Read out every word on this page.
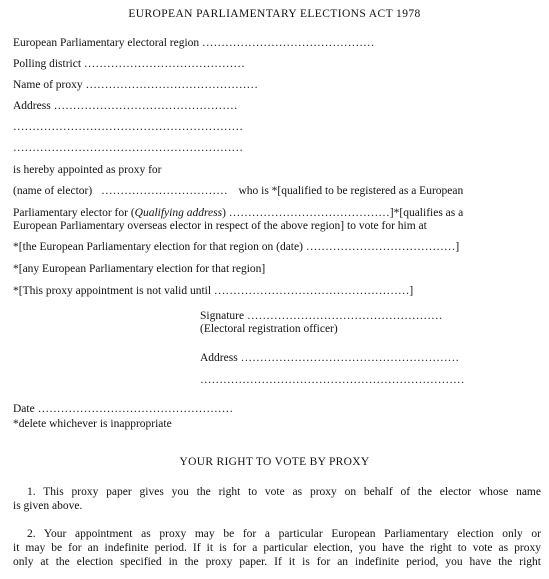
EUROPEAN PARLIAMENTARY ELECTIONS ACT 1978
European Parliamentary electoral region ………………………………………
Polling district ……………………………………
Name of proxy ………………………………………
Address …………………………………………
……………………………………………………
……………………………………………………
is hereby appointed as proxy for
(name of elector) …………………………… who is *[qualified to be registered as a European
Parliamentary elector for (Qualifying address) ……………………………………]*[qualifies as a
European Parliamentary overseas elector in respect of the above region] to vote for him at
*[the European Parliamentary election for that region on (date) …………………………………]
*[any European Parliamentary election for that region]
*[This proxy appointment is not valid until ……………………………………………]
Signature ……………………………………………
(Electoral registration officer)
Address …………………………………………………
……………………………………………………………
Date ……………………………………………
*delete whichever is inappropriate
YOUR RIGHT TO VOTE BY PROXY
1. This proxy paper gives you the right to vote as proxy on behalf of the elector whose name
is given above.
2. Your appointment as proxy may be for a particular European Parliamentary election only or
it may be for an indefinite period. If it is for a particular election, you have the right to vote as proxy
only at the election specified in the proxy paper. If it is for an indefinite period, you have the right
